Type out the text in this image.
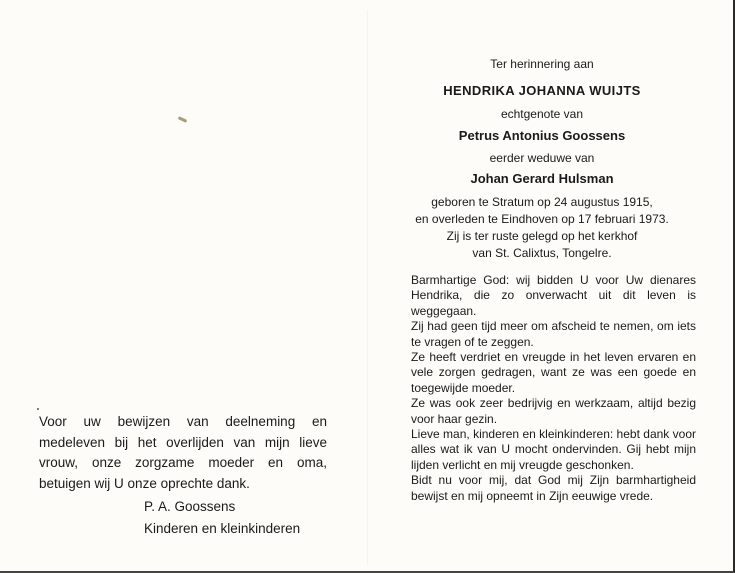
Ter herinnering aan
HENDRIKA JOHANNA WUIJTS
echtgenote van
Petrus Antonius Goossens
eerder weduwe van
Johan Gerard Hulsman
geboren te Stratum op 24 augustus 1915,
en overleden te Eindhoven op 17 februari 1973.
Zij is ter ruste gelegd op het kerkhof
van St. Calixtus, Tongelre.

Barmhartige God: wij bidden U voor Uw dienares Hendrika, die zo onverwacht uit dit leven is weggegaan.

Zij had geen tijd meer om afscheid te nemen, om iets te vragen of te zeggen.

Ze heeft verdriet en vreugde in het leven ervaren en vele zorgen gedragen, want ze was een goede en toegewijde moeder.

Ze was ook zeer bedrijvig en werkzaam, altijd bezig voor haar gezin.

Lieve man, kinderen en kleinkinderen: hebt dank voor alles wat ik van U mocht ondervinden. Gij hebt mijn lijden verlicht en mij vreugde geschonken.

Bidt nu voor mij, dat God mij Zijn barmhartigheid bewijst en mij opneemt in Zijn eeuwige vrede.

Voor uw bewijzen van deelneming en medeleven bij het overlijden van mijn lieve vrouw, onze zorgzame moeder en oma, betuigen wij U onze oprechte dank.
P. A. Goossens
Kinderen en kleinkinderen
